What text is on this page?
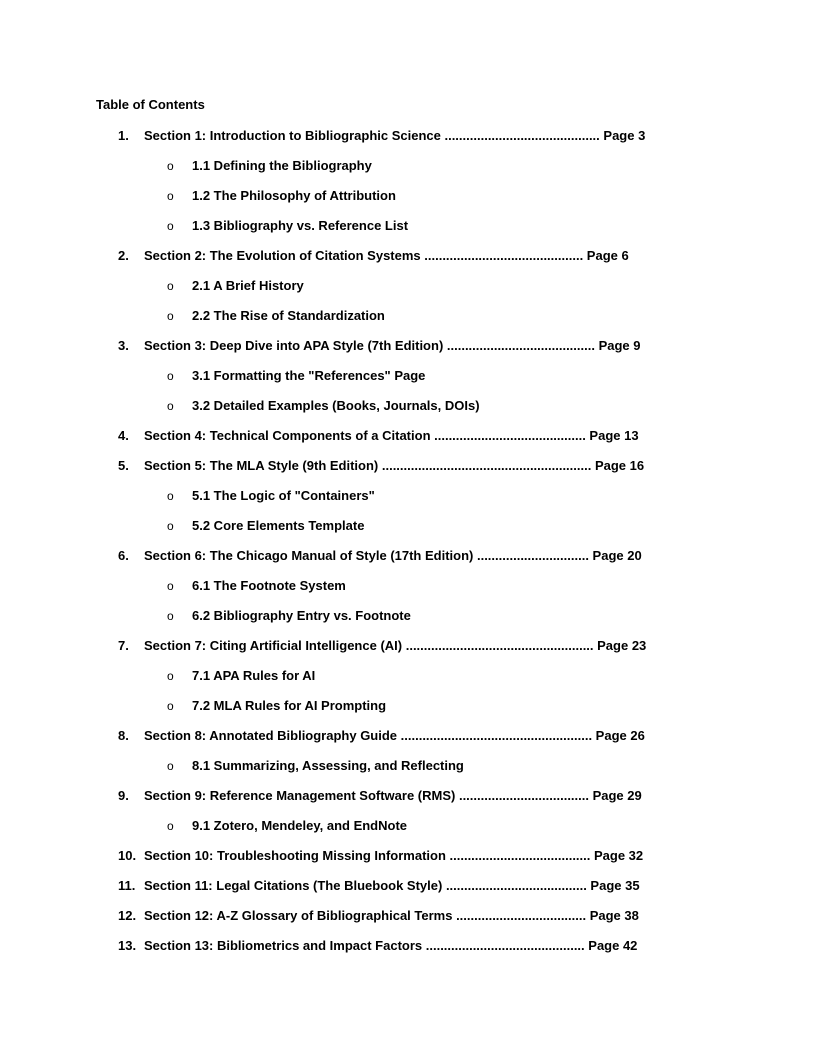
Table of Contents
1. Section 1: Introduction to Bibliographic Science ........................................... Page 3
o 1.1 Defining the Bibliography
o 1.2 The Philosophy of Attribution
o 1.3 Bibliography vs. Reference List
2. Section 2: The Evolution of Citation Systems ............................................ Page 6
o 2.1 A Brief History
o 2.2 The Rise of Standardization
3. Section 3: Deep Dive into APA Style (7th Edition) ......................................... Page 9
o 3.1 Formatting the "References" Page
o 3.2 Detailed Examples (Books, Journals, DOIs)
4. Section 4: Technical Components of a Citation .......................................... Page 13
5. Section 5: The MLA Style (9th Edition) .......................................................... Page 16
o 5.1 The Logic of "Containers"
o 5.2 Core Elements Template
6. Section 6: The Chicago Manual of Style (17th Edition) ............................... Page 20
o 6.1 The Footnote System
o 6.2 Bibliography Entry vs. Footnote
7. Section 7: Citing Artificial Intelligence (AI) .................................................... Page 23
o 7.1 APA Rules for AI
o 7.2 MLA Rules for AI Prompting
8. Section 8: Annotated Bibliography Guide ..................................................... Page 26
o 8.1 Summarizing, Assessing, and Reflecting
9. Section 9: Reference Management Software (RMS) .................................... Page 29
o 9.1 Zotero, Mendeley, and EndNote
10. Section 10: Troubleshooting Missing Information ....................................... Page 32
11. Section 11: Legal Citations (The Bluebook Style) ....................................... Page 35
12. Section 12: A-Z Glossary of Bibliographical Terms .................................... Page 38
13. Section 13: Bibliometrics and Impact Factors ............................................ Page 42
